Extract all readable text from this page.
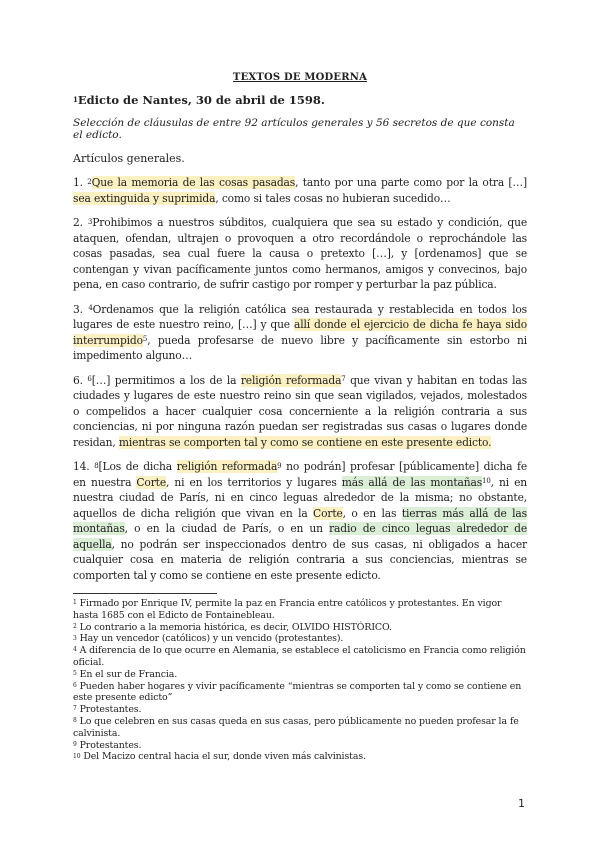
TEXTOS DE MODERNA
$^1$Edicto de Nantes, 30 de abril de 1598.
Selección de cláusulas de entre 92 artículos generales y 56 secretos de que consta el edicto.
Artículos generales.

1. $^2$Que la memoria de las cosas pasadas, tanto por una parte como por la otra […] sea extinguida y suprimida, como si tales cosas no hubieran sucedido…

2. $^3$Prohibimos a nuestros súbditos, cualquiera que sea su estado y condición, que ataquen, ofendan, ultrajen o provoquen a otro recordándole o reprochándole las cosas pasadas, sea cual fuere la causa o pretexto […], y [ordenamos] que se contengan y vivan pacíficamente juntos como hermanos, amigos y convecinos, bajo pena, en caso contrario, de sufrir castigo por romper y perturbar la paz pública.

3. $^4$Ordenamos que la religión católica sea restaurada y restablecida en todos los lugares de este nuestro reino, […] y que allí donde el ejercicio de dicha fe haya sido interrumpido$^5$, pueda profesarse de nuevo libre y pacíficamente sin estorbo ni impedimento alguno…

6. $^6$[…] permitimos a los de la religión reformada$^7$ que vivan y habitan en todas las ciudades y lugares de este nuestro reino sin que sean vigilados, vejados, molestados o compelidos a hacer cualquier cosa concerniente a la religión contraria a sus conciencias, ni por ninguna razón puedan ser registradas sus casas o lugares donde residan, mientras se comporten tal y como se contiene en este presente edicto.

14. $^8$[Los de dicha religión reformada$^9$ no podrán] profesar [públicamente] dicha fe en nuestra Corte, ni en los territorios y lugares más allá de las montañas$^{10}$, ni en nuestra ciudad de París, ni en cinco leguas alrededor de la misma; no obstante, aquellos de dicha religión que vivan en la Corte, o en las tierras más allá de las montañas, o en la ciudad de París, o en un radio de cinco leguas alrededor de aquella, no podrán ser inspeccionados dentro de sus casas, ni obligados a hacer cualquier cosa en materia de religión contraria a sus conciencias, mientras se comporten tal y como se contiene en este presente edicto.

$^1$ Firmado por Enrique IV, permite la paz en Francia entre católicos y protestantes. En vigor hasta 1685 con el Edicto de Fontainebleau.

$^2$ Lo contrario a la memoria histórica, es decir, OLVIDO HISTÓRICO.

$^3$ Hay un vencedor (católicos) y un vencido (protestantes).

$^4$ A diferencia de lo que ocurre en Alemania, se establece el catolicismo en Francia como religión oficial.

$^5$ En el sur de Francia.

$^6$ Pueden haber hogares y vivir pacíficamente “mientras se comporten tal y como se contiene en este presente edicto”

$^7$ Protestantes.

$^8$ Lo que celebren en sus casas queda en sus casas, pero públicamente no pueden profesar la fe calvinista.

$^9$ Protestantes.

$^{10}$ Del Macizo central hacia el sur, donde viven más calvinistas.

1
